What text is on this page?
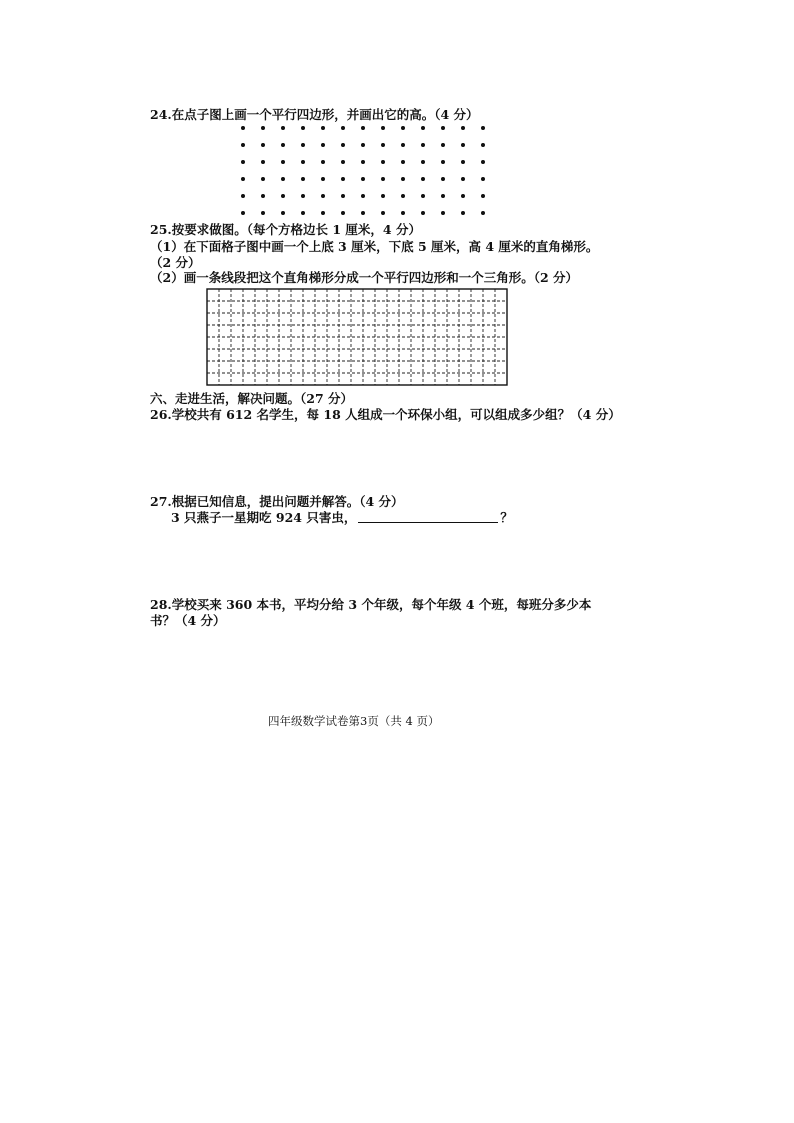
24.在点子图上画一个平行四边形，并画出它的高。（4 分）
25.按要求做图。（每个方格边长 1 厘米，4 分）
（1）在下面格子图中画一个上底 3 厘米，下底 5 厘米，高 4 厘米的直角梯形。
（2 分）
（2）画一条线段把这个直角梯形分成一个平行四边形和一个三角形。（2 分）
六、走进生活，解决问题。（27 分）
26.学校共有 612 名学生，每 18 人组成一个环保小组，可以组成多少组？（4 分）
27.根据已知信息，提出问题并解答。（4 分）
3 只燕子一星期吃 924 只害虫，	？
28.学校买来 360 本书，平均分给 3 个年级，每个年级 4 个班，每班分多少本
书？（4 分）
四年级数学试卷第3页（共 4 页）
